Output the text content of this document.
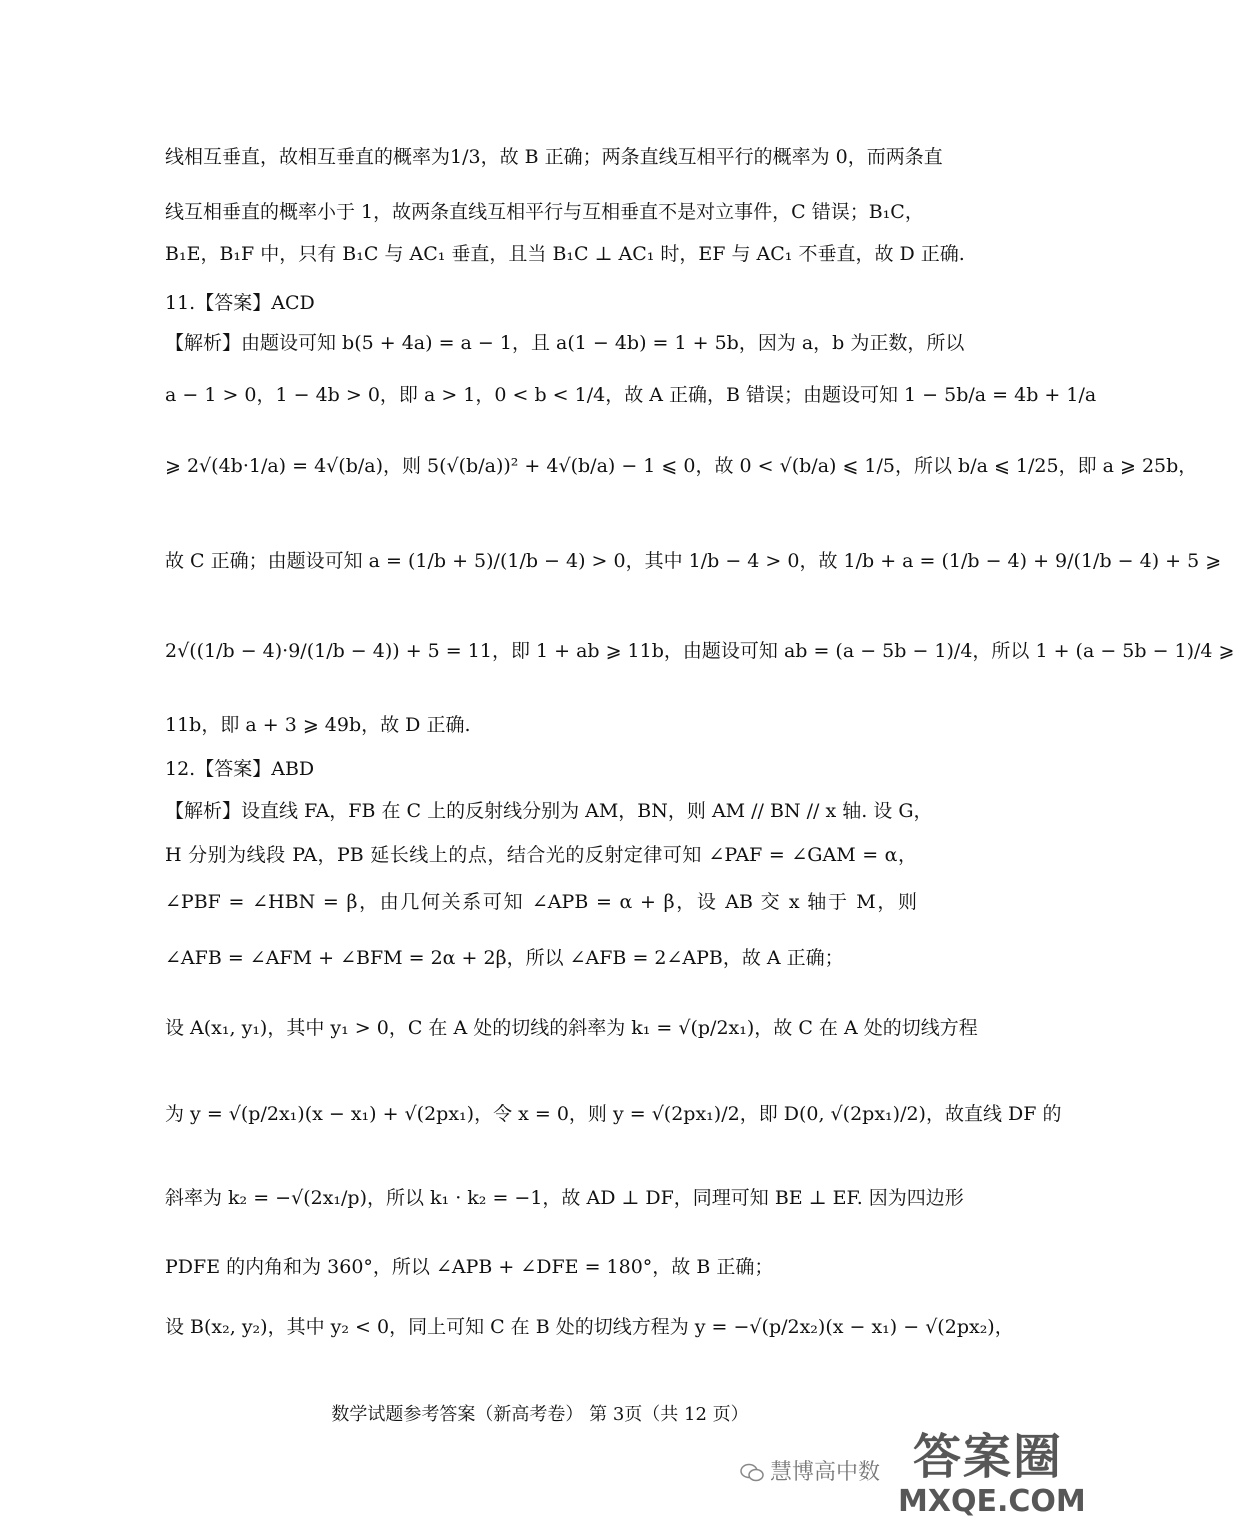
线相互垂直，故相互垂直的概率为1/3，故 B 正确；两条直线互相平行的概率为 0，而两条直
线互相垂直的概率小于 1，故两条直线互相平行与互相垂直不是对立事件，C 错误；B₁C，
B₁E，B₁F 中，只有 B₁C 与 AC₁ 垂直，且当 B₁C ⊥ AC₁ 时，EF 与 AC₁ 不垂直，故 D 正确.
11.【答案】ACD
【解析】由题设可知 b(5 + 4a) = a − 1，且 a(1 − 4b) = 1 + 5b，因为 a，b 为正数，所以
a − 1 > 0，1 − 4b > 0，即 a > 1，0 < b < 1/4，故 A 正确，B 错误；由题设可知 1 − 5b/a = 4b + 1/a
⩾ 2√(4b·1/a) = 4√(b/a)，则 5(√(b/a))² + 4√(b/a) − 1 ⩽ 0，故 0 < √(b/a) ⩽ 1/5，所以 b/a ⩽ 1/25，即 a ⩾ 25b，
故 C 正确；由题设可知 a = (1/b + 5)/(1/b − 4) > 0，其中 1/b − 4 > 0，故 1/b + a = (1/b − 4) + 9/(1/b − 4) + 5 ⩾
2√((1/b − 4)·9/(1/b − 4)) + 5 = 11，即 1 + ab ⩾ 11b，由题设可知 ab = (a − 5b − 1)/4，所以 1 + (a − 5b − 1)/4 ⩾
11b，即 a + 3 ⩾ 49b，故 D 正确.
12.【答案】ABD
【解析】设直线 FA，FB 在 C 上的反射线分别为 AM，BN，则 AM // BN // x 轴. 设 G，
H 分别为线段 PA，PB 延长线上的点，结合光的反射定律可知 ∠PAF = ∠GAM = α，
∠PBF = ∠HBN = β，由几何关系可知 ∠APB = α + β，设 AB 交 x 轴于 M，则
∠AFB = ∠AFM + ∠BFM = 2α + 2β，所以 ∠AFB = 2∠APB，故 A 正确；
设 A(x₁, y₁)，其中 y₁ > 0，C 在 A 处的切线的斜率为 k₁ = √(p/2x₁)，故 C 在 A 处的切线方程
为 y = √(p/2x₁)(x − x₁) + √(2px₁)，令 x = 0，则 y = √(2px₁)/2，即 D(0, √(2px₁)/2)，故直线 DF 的
斜率为 k₂ = −√(2x₁/p)，所以 k₁ · k₂ = −1，故 AD ⊥ DF，同理可知 BE ⊥ EF. 因为四边形
PDFE 的内角和为 360°，所以 ∠APB + ∠DFE = 180°，故 B 正确；
设 B(x₂, y₂)，其中 y₂ < 0，同上可知 C 在 B 处的切线方程为 y = −√(p/2x₂)(x − x₁) − √(2px₂)，
数学试题参考答案（新高考卷） 第 3页（共 12 页）
慧博高中数 答案圈
MXQE.COM
